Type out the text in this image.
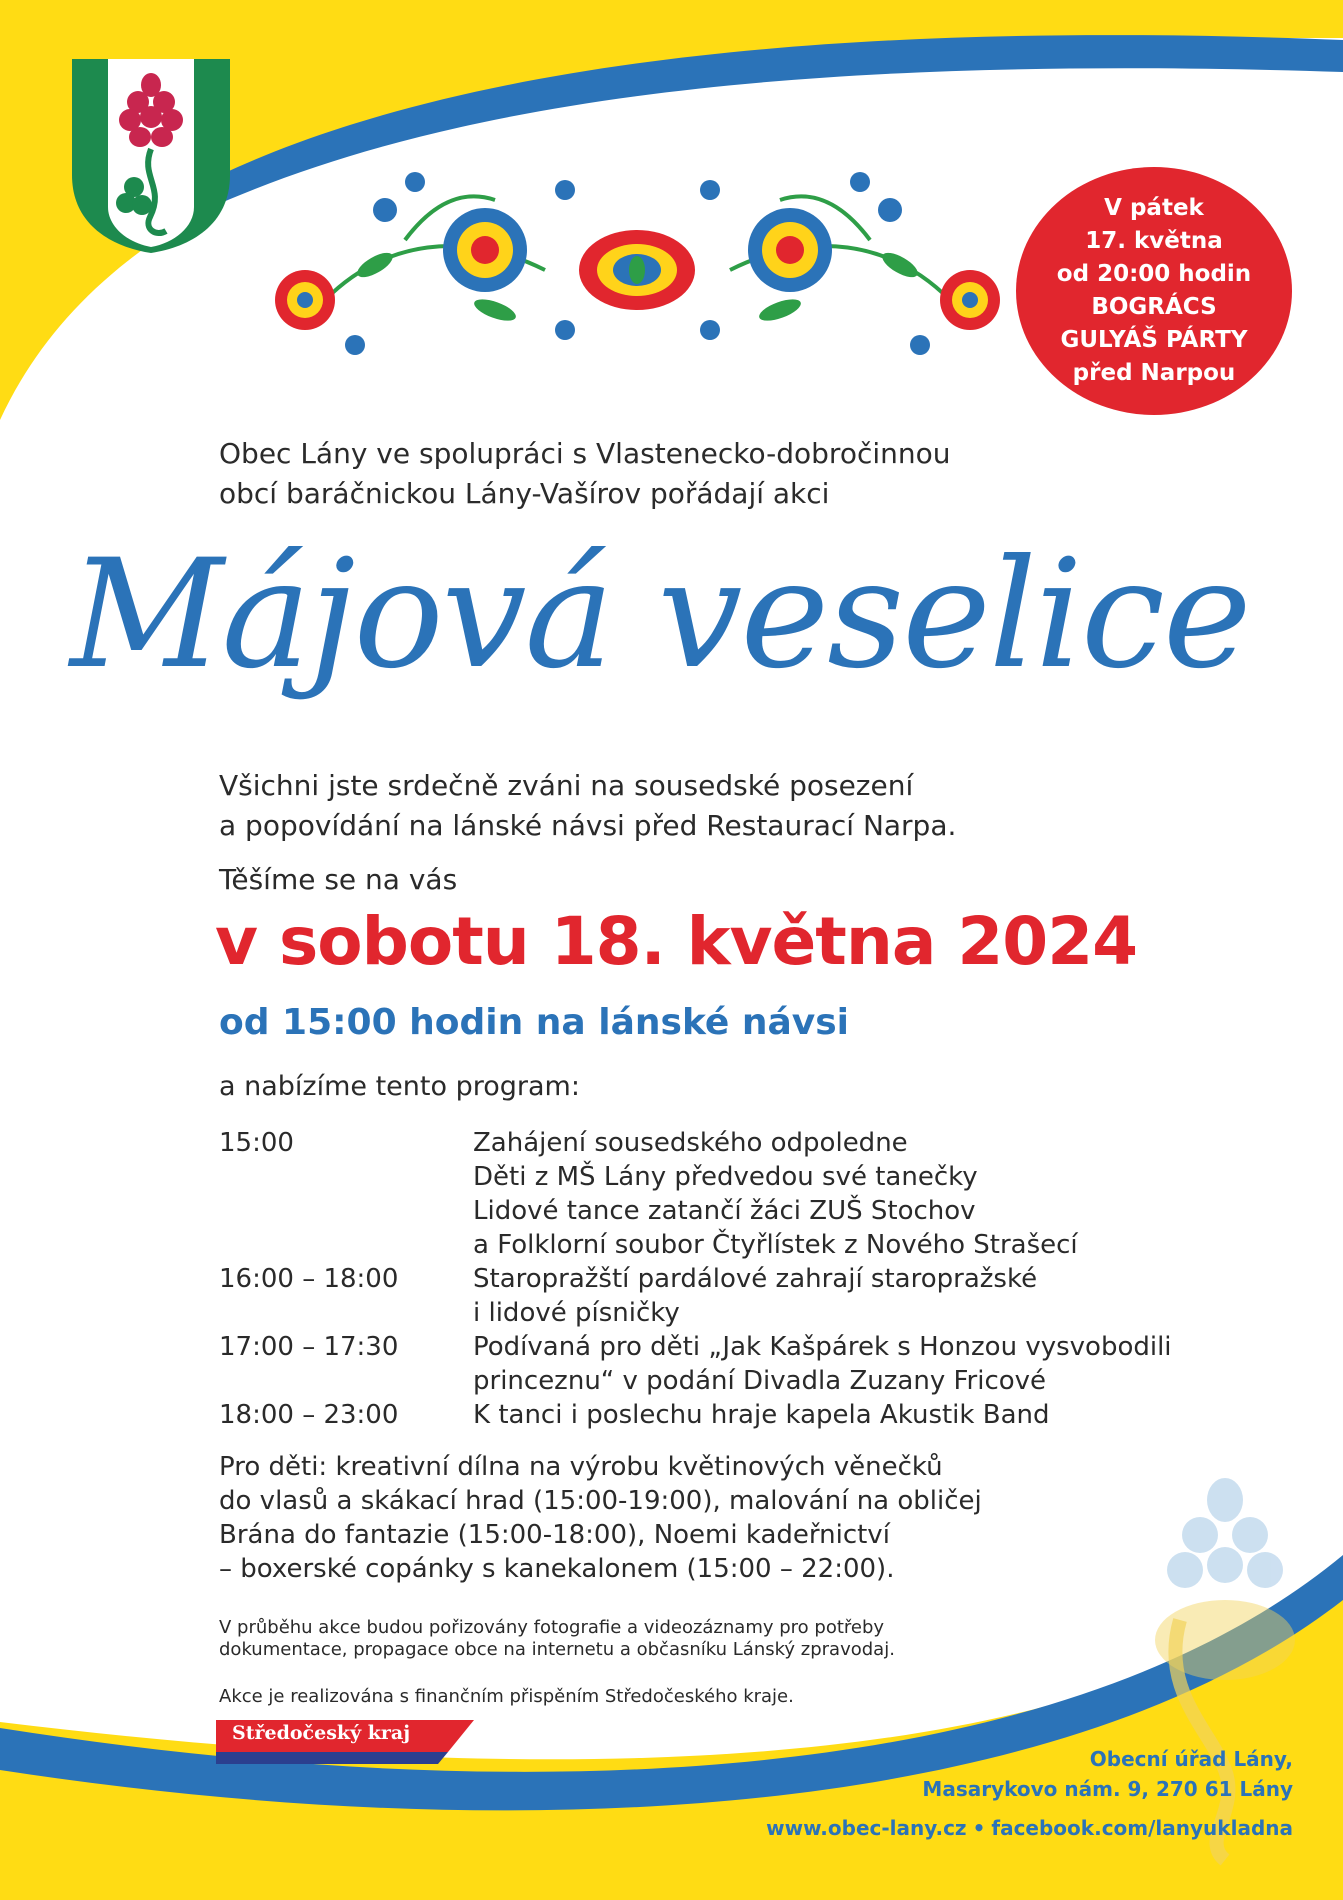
V pátek
17. května
od 20:00 hodin
BOGRÁCS
GULYÁŠ PÁRTY
před Narpou
Obec Lány ve spolupráci s Vlastenecko-dobročinnou
obcí baráčnickou Lány-Vašírov pořádají akci
Májová veselice
Všichni jste srdečně zváni na sousedské posezení
a popovídání na lánské návsi před Restaurací Narpa.
Těšíme se na vás
v sobotu 18. května 2024
od 15:00 hodin na lánské návsi
a nabízíme tento program:
15:00	Zahájení sousedského odpoledne
Děti z MŠ Lány předvedou své tanečky
Lidové tance zatančí žáci ZUŠ Stochov
a Folklorní soubor Čtyřlístek z Nového Strašecí
16:00 – 18:00	Staropražští pardálové zahrají staropražské
i lidové písničky
17:00 – 17:30	Podívaná pro děti „Jak Kašpárek s Honzou vysvobodili
princeznu“ v podání Divadla Zuzany Fricové
18:00 – 23:00	K tanci i poslechu hraje kapela Akustik Band
Pro děti: kreativní dílna na výrobu květinových věnečků
do vlasů a skákací hrad (15:00-19:00), malování na obličej
Brána do fantazie (15:00-18:00), Noemi kadeřnictví
– boxerské copánky s kanekalonem (15:00 – 22:00).
V průběhu akce budou pořizovány fotografie a videozáznamy pro potřeby
dokumentace, propagace obce na internetu a občasníku Lánský zpravodaj.
Akce je realizována s finančním přispěním Středočeského kraje.
Středočeský kraj
Obecní úřad Lány,
Masarykovo nám. 9, 270 61 Lány
www.obec-lany.cz • facebook.com/lanyukladna
